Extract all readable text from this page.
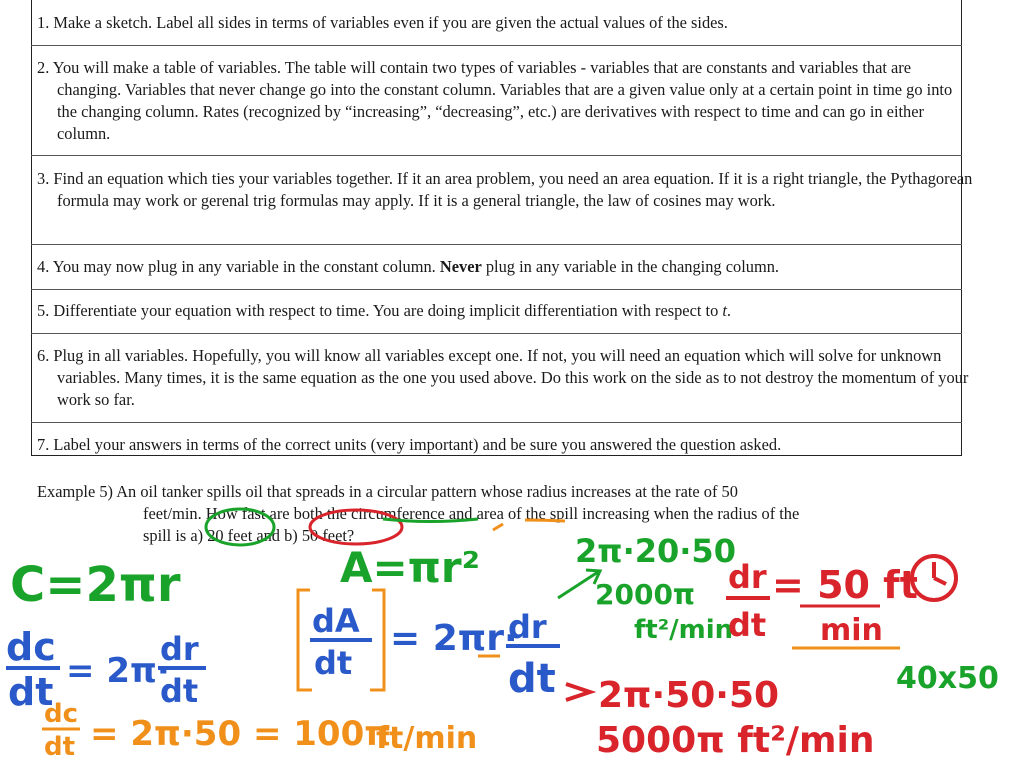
1. Make a sketch. Label all sides in terms of variables even if you are given the actual values of the sides.
2. You will make a table of variables. The table will contain two types of variables - variables that are constants and variables that are changing. Variables that never change go into the constant column. Variables that are a given value only at a certain point in time go into the changing column. Rates (recognized by “increasing”, “decreasing”, etc.) are derivatives with respect to time and can go in either column.
3. Find an equation which ties your variables together. If it an area problem, you need an area equation. If it is a right triangle, the Pythagorean formula may work or gerenal trig formulas may apply. If it is a general triangle, the law of cosines may work.
4. You may now plug in any variable in the constant column. Never plug in any variable in the changing column.
5. Differentiate your equation with respect to time. You are doing implicit differentiation with respect to t.
6. Plug in all variables. Hopefully, you will know all variables except one. If not, you will need an equation which will solve for unknown variables. Many times, it is the same equation as the one you used above. Do this work on the side as to not destroy the momentum of your work so far.
7. Label your answers in terms of the correct units (very important) and be sure you answered the question asked.
Example 5) An oil tanker spills oil that spreads in a circular pattern whose radius increases at the rate of 50
feet/min. How fast are both the circumference and area of the spill increasing when the radius of the
spill is a) 20 feet and b) 50 feet?
C=2πr
dc
dt = 2π·
dr
dt
dc
dt = 2π·50 = 100π
ft/min
A=πr²
dA
dt
= 2πr·
dr
dt
2π·20·50
2000π
ft²/min
dr
dt
= 50 ft
min
40x50
2π·50·50
5000π ft²/min
